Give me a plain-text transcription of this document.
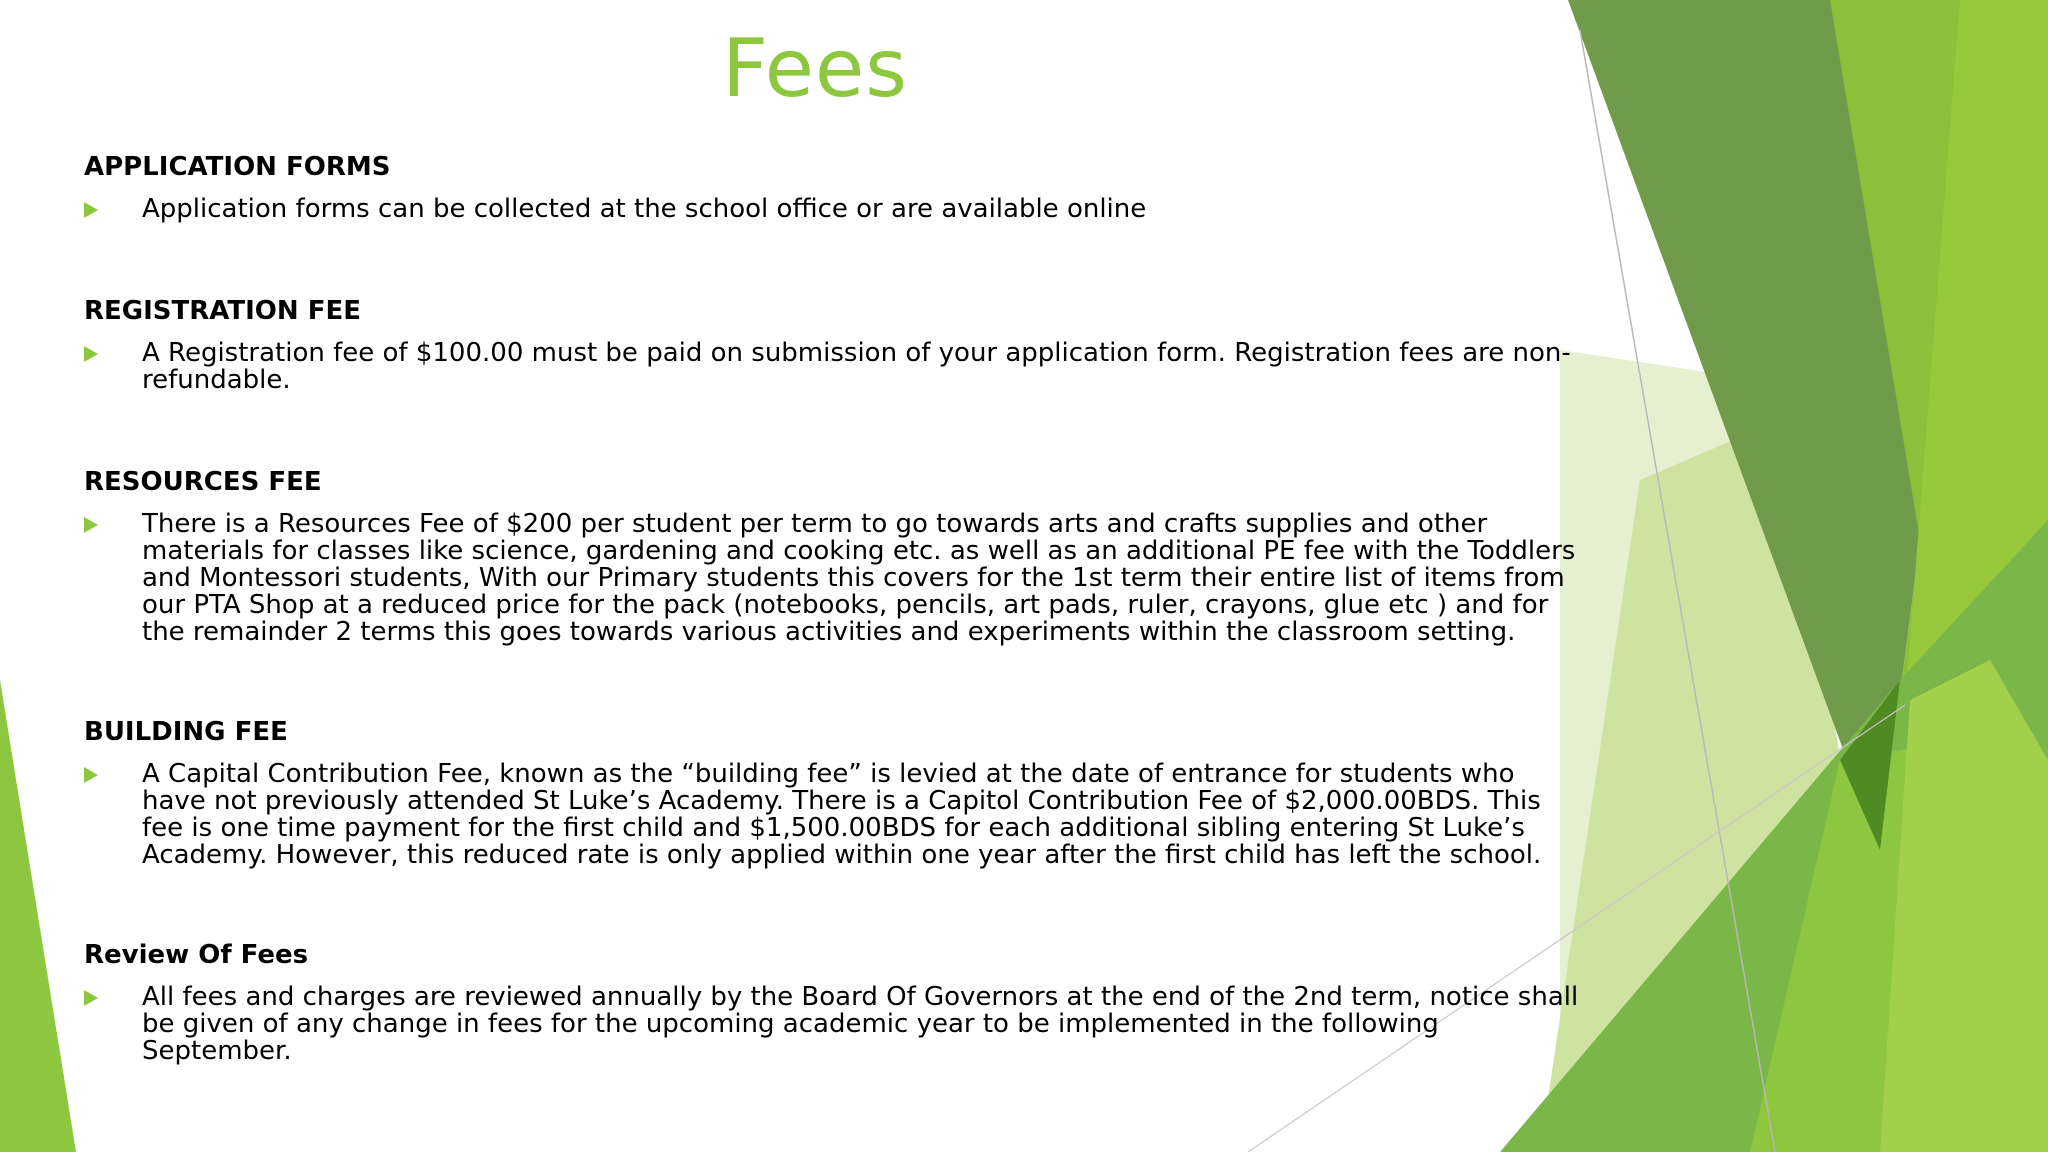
Fees
APPLICATION FORMS
Application forms can be collected at the school office or are available online
REGISTRATION FEE
A Registration fee of $100.00 must be paid on submission of your application form. Registration fees are non-refundable.
RESOURCES FEE
There is a Resources Fee of $200 per student per term to go towards arts and crafts supplies and other materials for classes like science, gardening and cooking etc. as well as an additional PE fee with the Toddlers and Montessori students, With our Primary students this covers for the 1st term their entire list of items from our PTA Shop at a reduced price for the pack (notebooks, pencils, art pads, ruler, crayons, glue etc ) and for the remainder 2 terms this goes towards various activities and experiments within the classroom setting.
BUILDING FEE
A Capital Contribution Fee, known as the “building fee” is levied at the date of entrance for students who have not previously attended St Luke’s Academy. There is a Capitol Contribution Fee of $2,000.00BDS. This fee is one time payment for the first child and $1,500.00BDS for each additional sibling entering St Luke’s Academy. However, this reduced rate is only applied within one year after the first child has left the school.
Review Of Fees
All fees and charges are reviewed annually by the Board Of Governors at the end of the 2nd term, notice shall be given of any change in fees for the upcoming academic year to be implemented in the following September.
